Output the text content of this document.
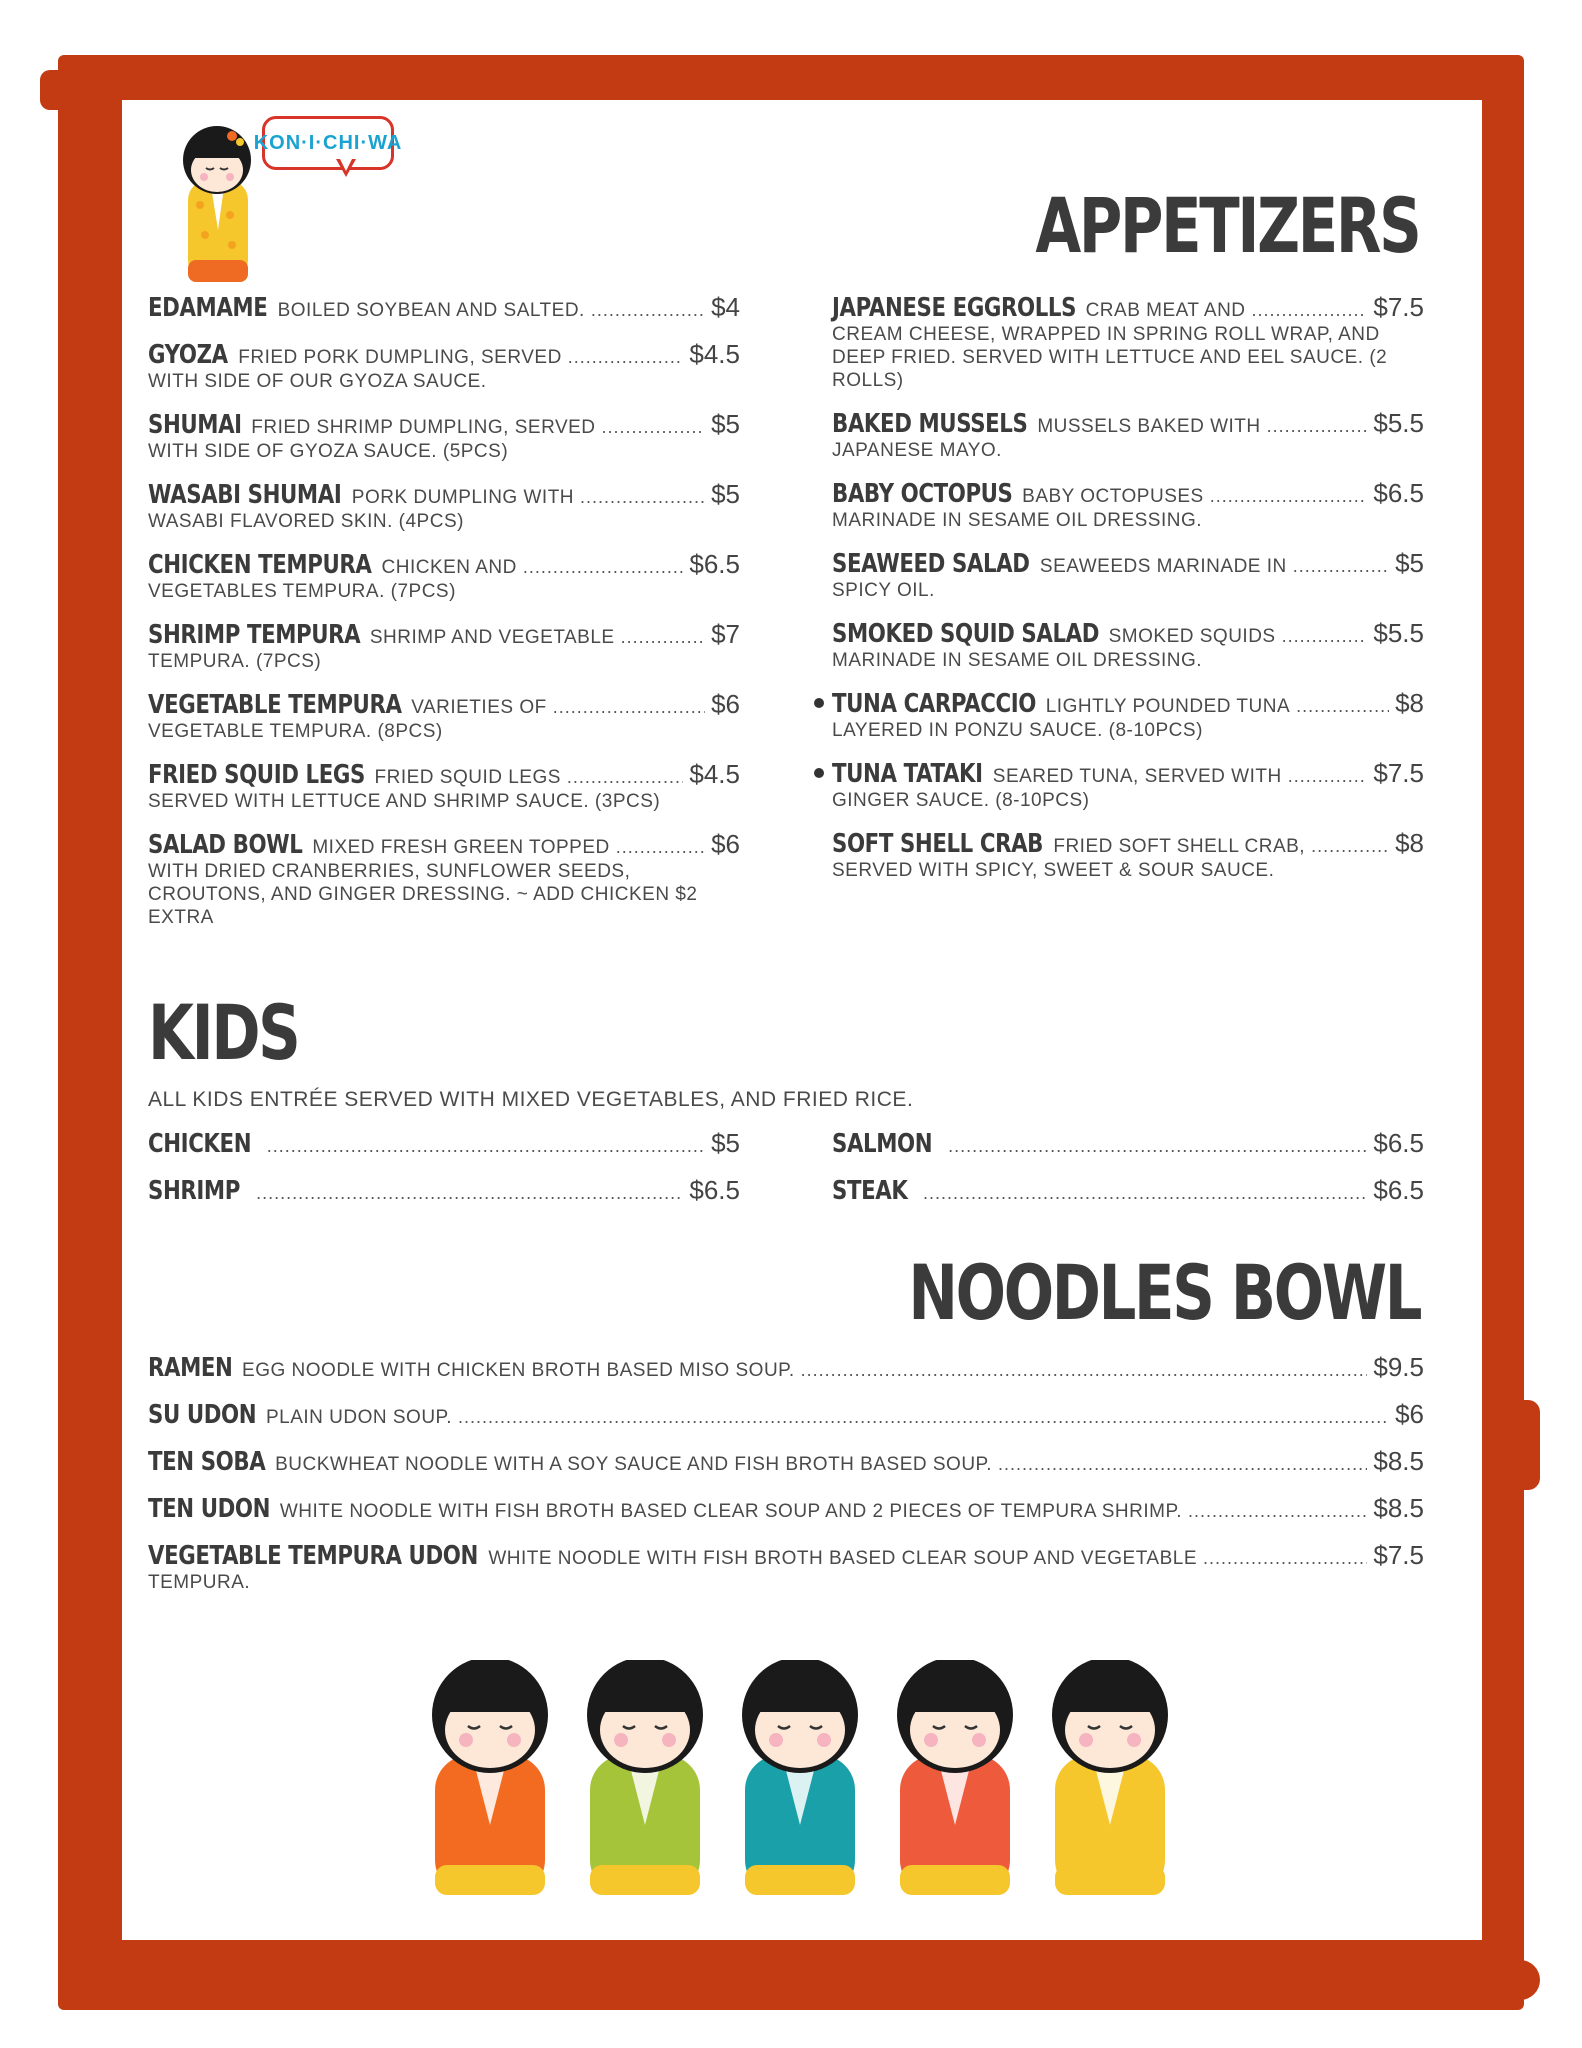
KON·I·CHI·WA
APPETIZERS
EDAMAME BOILED SOYBEAN AND SALTED. .....	$4
GYOZA FRIED PORK DUMPLING, SERVED .....	$4.5
WITH SIDE OF OUR GYOZA SAUCE.
SHUMAI FRIED SHRIMP DUMPLING, SERVED .....	$5
WITH SIDE OF GYOZA SAUCE. (5PCS)
WASABI SHUMAI PORK DUMPLING WITH .....	$5
WASABI FLAVORED SKIN. (4PCS)
CHICKEN TEMPURA CHICKEN AND .....	$6.5
VEGETABLES TEMPURA. (7PCS)
SHRIMP TEMPURA SHRIMP AND VEGETABLE .....	$7
TEMPURA. (7PCS)
VEGETABLE TEMPURA VARIETIES OF .....	$6
VEGETABLE TEMPURA. (8PCS)
FRIED SQUID LEGS FRIED SQUID LEGS .....	$4.5
SERVED WITH LETTUCE AND SHRIMP SAUCE. (3PCS)
SALAD BOWL MIXED FRESH GREEN TOPPED .....	$6
WITH DRIED CRANBERRIES, SUNFLOWER SEEDS, CROUTONS, AND GINGER DRESSING. ~ ADD CHICKEN $2 EXTRA
JAPANESE EGGROLLS CRAB MEAT AND .....	$7.5
CREAM CHEESE, WRAPPED IN SPRING ROLL WRAP, AND DEEP FRIED. SERVED WITH LETTUCE AND EEL SAUCE. (2 ROLLS)
BAKED MUSSELS MUSSELS BAKED WITH .....	$5.5
JAPANESE MAYO.
BABY OCTOPUS BABY OCTOPUSES .....	$6.5
MARINADE IN SESAME OIL DRESSING.
SEAWEED SALAD SEAWEEDS MARINADE IN .....	$5
SPICY OIL.
SMOKED SQUID SALAD SMOKED SQUIDS .....	$5.5
MARINADE IN SESAME OIL DRESSING.
TUNA CARPACCIO LIGHTLY POUNDED TUNA .....	$8
LAYERED IN PONZU SAUCE. (8-10PCS)
TUNA TATAKI SEARED TUNA, SERVED WITH .....	$7.5
GINGER SAUCE. (8-10PCS)
SOFT SHELL CRAB FRIED SOFT SHELL CRAB, .....	$8
SERVED WITH SPICY, SWEET & SOUR SAUCE.
KIDS
ALL KIDS ENTRÉE SERVED WITH MIXED VEGETABLES, AND FRIED RICE.
CHICKEN .....	$5
SHRIMP .....	$6.5
SALMON .....	$6.5
STEAK .....	$6.5
NOODLES BOWL
RAMEN EGG NOODLE WITH CHICKEN BROTH BASED MISO SOUP. .....	$9.5
SU UDON PLAIN UDON SOUP. .....	$6
TEN SOBA BUCKWHEAT NOODLE WITH A SOY SAUCE AND FISH BROTH BASED SOUP. .....	$8.5
TEN UDON WHITE NOODLE WITH FISH BROTH BASED CLEAR SOUP AND 2 PIECES OF TEMPURA SHRIMP. .....	$8.5
VEGETABLE TEMPURA UDON WHITE NOODLE WITH FISH BROTH BASED CLEAR SOUP AND VEGETABLE .....	$7.5
TEMPURA.
